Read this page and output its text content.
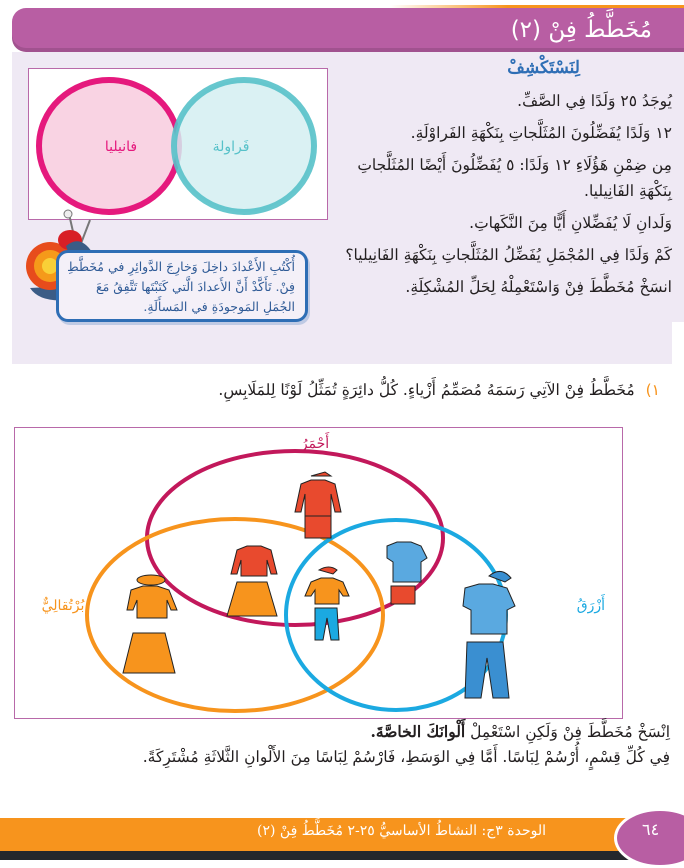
مُخَطَّطُ فِنْ (٢)
لِنَسْتَكْشِفْ

يُوجَدُ ٢٥ وَلَدًا فِي الصَّفِّ.

١٢ وَلَدًا يُفَضِّلُونَ المُثَلَّجاتِ بِنَكْهَةِ الفَراوْلَةِ.

مِن ضِمْنِ هَؤُلَاءِ ١٢ وَلَدًا: ٥ يُفَضِّلُونَ أَيْضًا المُثَلَّجاتِ بِنَكْهَةِ الفَانِيليا.

وَلَدانِ لَا يُفَضِّلانِ أَيًّا مِنَ النَّكَهاتِ.

كَمْ وَلَدًا فِي المُجْمَلِ يُفَضِّلُ المُثَلَّجاتِ بِنَكْهَةِ الفَانِيليا؟

انسَخْ مُخَطَّطَ فِنْ وَاسْتَعْمِلْهُ لِحَلِّ المُشْكِلَةِ.

فانيليا	فَراولة
أُكْتُبِ الأَعْدادَ داخِلَ وَخارِجَ الدَّوائِرِ في مُخَطَّطِ فِنْ. تَأَكَّدْ أَنَّ الأَعدادَ الَّتي كَتَبْتَها تَتَّفِقُ مَعَ الجُمَلِ المَوجودَةِ في المَسأَلَةِ.
١) مُخَطَّطُ فِنْ الآتِي رَسَمَهُ مُصَمِّمُ أَزْياءٍ. كُلُّ دائِرَةٍ تُمَثِّلُ لَوْنًا لِلمَلَابِسِ.
أَحْمَرُ
بُرْتُقالِيٌّ	أَزْرَقُ
اِنْسَخْ مُخَطَّطَ فِنْ وَلَكِنِ اسْتَعْمِلْ أَلْوانَكَ الخاصَّةَ.
فِي كُلِّ قِسْمٍ، أُرْسُمْ لِبَاسًا. أَمَّا فِي الوَسَطِ، فَارْسُمْ لِبَاسًا مِنَ الأَلْوانِ الثَّلاثَةِ مُشْتَرِكَةً.
الوحدة ٣ج: النشاطُ الأساسيُّ ٢٥-٢ مُخَطَّطُ فِنْ (٢)	٦٤
